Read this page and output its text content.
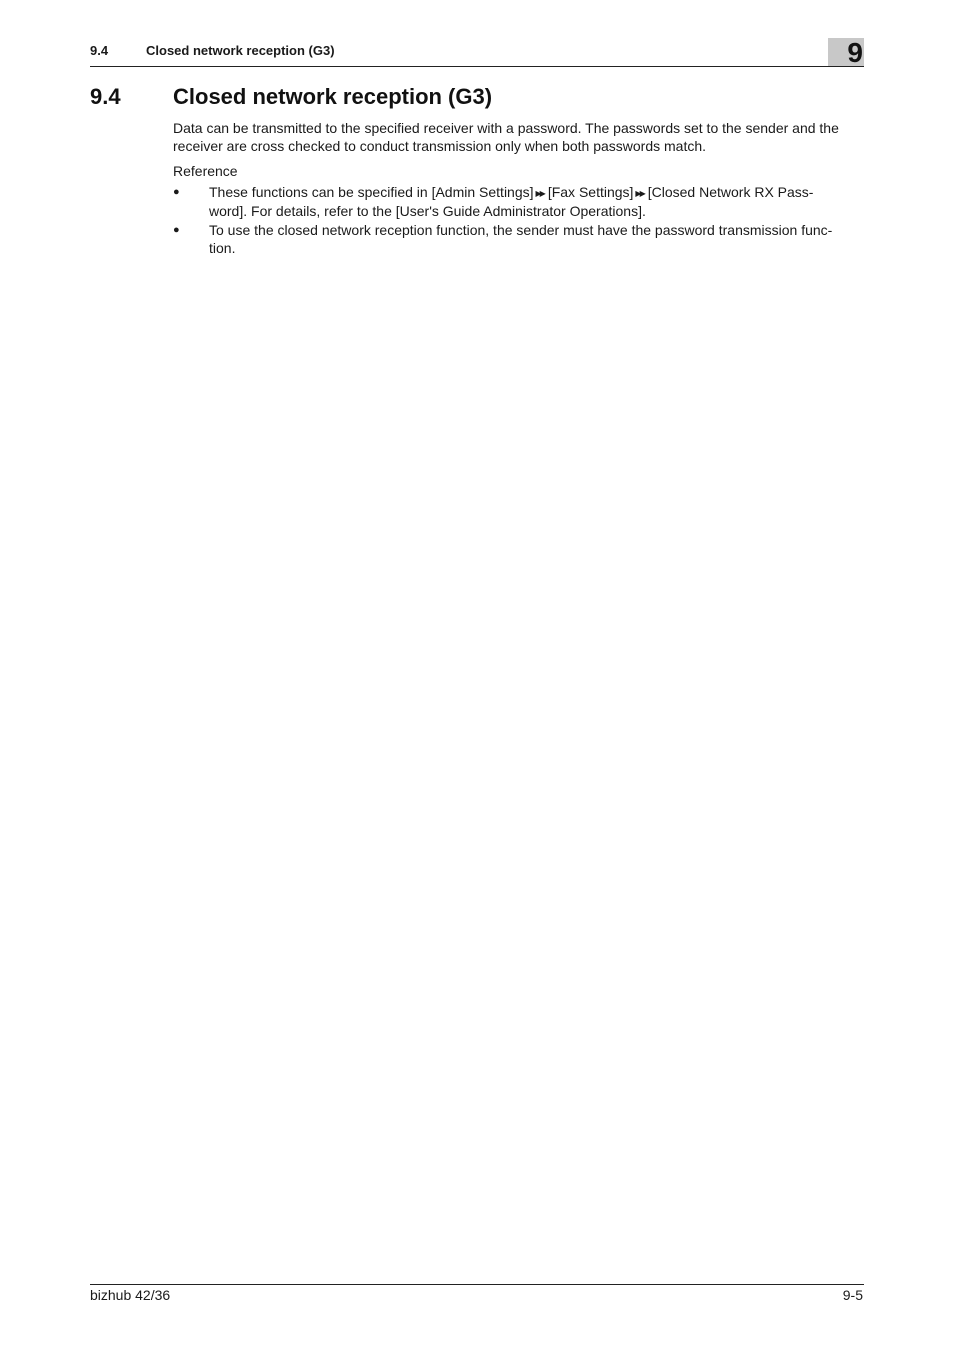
9.4	Closed network reception (G3)	9
9.4 Closed network reception (G3)
Data can be transmitted to the specified receiver with a password. The passwords set to the sender and the
receiver are cross checked to conduct transmission only when both passwords match.
Reference
● These functions can be specified in [Admin Settings] ▶▶ [Fax Settings] ▶▶ [Closed Network RX Pass-
word]. For details, refer to the [User's Guide Administrator Operations].
● To use the closed network reception function, the sender must have the password transmission func-
tion.
bizhub 42/36	9-5
